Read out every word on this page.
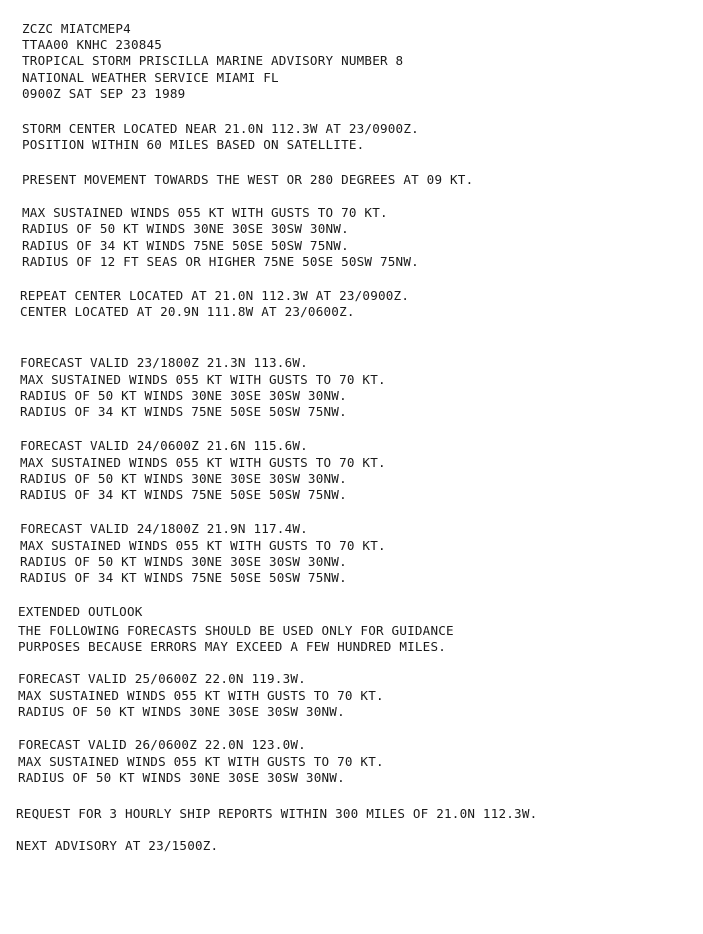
ZCZC MIATCMEP4
TTAA00 KNHC 230845
TROPICAL STORM PRISCILLA MARINE ADVISORY NUMBER 8
NATIONAL WEATHER SERVICE MIAMI FL
0900Z SAT SEP 23 1989
STORM CENTER LOCATED NEAR 21.0N 112.3W AT 23/0900Z.
POSITION WITHIN 60 MILES BASED ON SATELLITE.
PRESENT MOVEMENT TOWARDS THE WEST OR 280 DEGREES AT 09 KT.
MAX SUSTAINED WINDS 055 KT WITH GUSTS TO 70 KT.
RADIUS OF 50 KT WINDS 30NE 30SE 30SW 30NW.
RADIUS OF 34 KT WINDS 75NE 50SE 50SW 75NW.
RADIUS OF 12 FT SEAS OR HIGHER 75NE 50SE 50SW 75NW.
REPEAT CENTER LOCATED AT 21.0N 112.3W AT 23/0900Z.
CENTER LOCATED AT 20.9N 111.8W AT 23/0600Z.
FORECAST VALID 23/1800Z 21.3N 113.6W.
MAX SUSTAINED WINDS 055 KT WITH GUSTS TO 70 KT.
RADIUS OF 50 KT WINDS 30NE 30SE 30SW 30NW.
RADIUS OF 34 KT WINDS 75NE 50SE 50SW 75NW.
FORECAST VALID 24/0600Z 21.6N 115.6W.
MAX SUSTAINED WINDS 055 KT WITH GUSTS TO 70 KT.
RADIUS OF 50 KT WINDS 30NE 30SE 30SW 30NW.
RADIUS OF 34 KT WINDS 75NE 50SE 50SW 75NW.
FORECAST VALID 24/1800Z 21.9N 117.4W.
MAX SUSTAINED WINDS 055 KT WITH GUSTS TO 70 KT.
RADIUS OF 50 KT WINDS 30NE 30SE 30SW 30NW.
RADIUS OF 34 KT WINDS 75NE 50SE 50SW 75NW.
EXTENDED OUTLOOK
THE FOLLOWING FORECASTS SHOULD BE USED ONLY FOR GUIDANCE
PURPOSES BECAUSE ERRORS MAY EXCEED A FEW HUNDRED MILES.
FORECAST VALID 25/0600Z 22.0N 119.3W.
MAX SUSTAINED WINDS 055 KT WITH GUSTS TO 70 KT.
RADIUS OF 50 KT WINDS 30NE 30SE 30SW 30NW.
FORECAST VALID 26/0600Z 22.0N 123.0W.
MAX SUSTAINED WINDS 055 KT WITH GUSTS TO 70 KT.
RADIUS OF 50 KT WINDS 30NE 30SE 30SW 30NW.
REQUEST FOR 3 HOURLY SHIP REPORTS WITHIN 300 MILES OF 21.0N 112.3W.
NEXT ADVISORY AT 23/1500Z.
